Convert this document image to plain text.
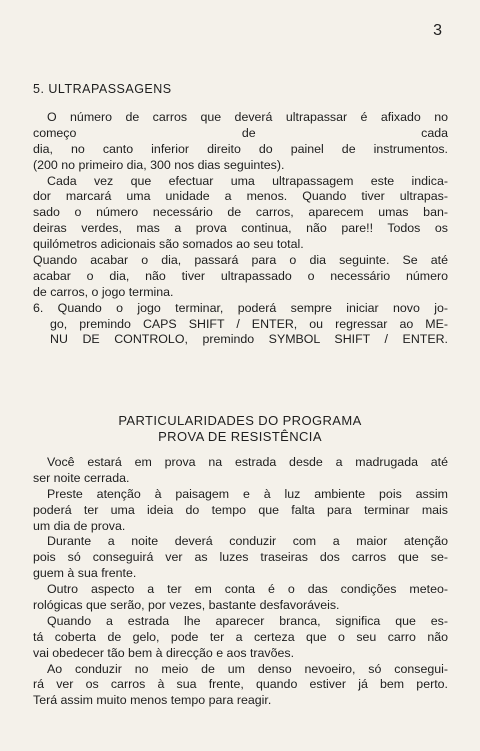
3
5. ULTRAPASSAGENS
O número de carros que deverá ultrapassar é afixado no
começo de cada
dia, no canto inferior direito do painel de instrumentos.
(200 no primeiro dia, 300 nos dias seguintes).
Cada vez que efectuar uma ultrapassagem este indica-
dor marcará uma unidade a menos. Quando tiver ultrapas-
sado o número necessário de carros, aparecem umas ban-
deiras verdes, mas a prova continua, não pare!! Todos os
quilómetros adicionais são somados ao seu total.
Quando acabar o dia, passará para o dia seguinte. Se até
acabar o dia, não tiver ultrapassado o necessário número
de carros, o jogo termina.
6. Quando o jogo terminar, poderá sempre iniciar novo jo-
go, premindo CAPS SHIFT / ENTER, ou regressar ao ME-
NU DE CONTROLO, premindo SYMBOL SHIFT / ENTER.
PARTICULARIDADES DO PROGRAMA
PROVA DE RESISTÊNCIA
Você estará em prova na estrada desde a madrugada até
ser noite cerrada.
Preste atenção à paisagem e à luz ambiente pois assim
poderá ter uma ideia do tempo que falta para terminar mais
um dia de prova.
Durante a noite deverá conduzir com a maior atenção
pois só conseguirá ver as luzes traseiras dos carros que se-
guem à sua frente.
Outro aspecto a ter em conta é o das condições meteo-
rológicas que serão, por vezes, bastante desfavoráveis.
Quando a estrada lhe aparecer branca, significa que es-
tá coberta de gelo, pode ter a certeza que o seu carro não
vai obedecer tão bem à direcção e aos travões.
Ao conduzir no meio de um denso nevoeiro, só consegui-
rá ver os carros à sua frente, quando estiver já bem perto.
Terá assim muito menos tempo para reagir.
